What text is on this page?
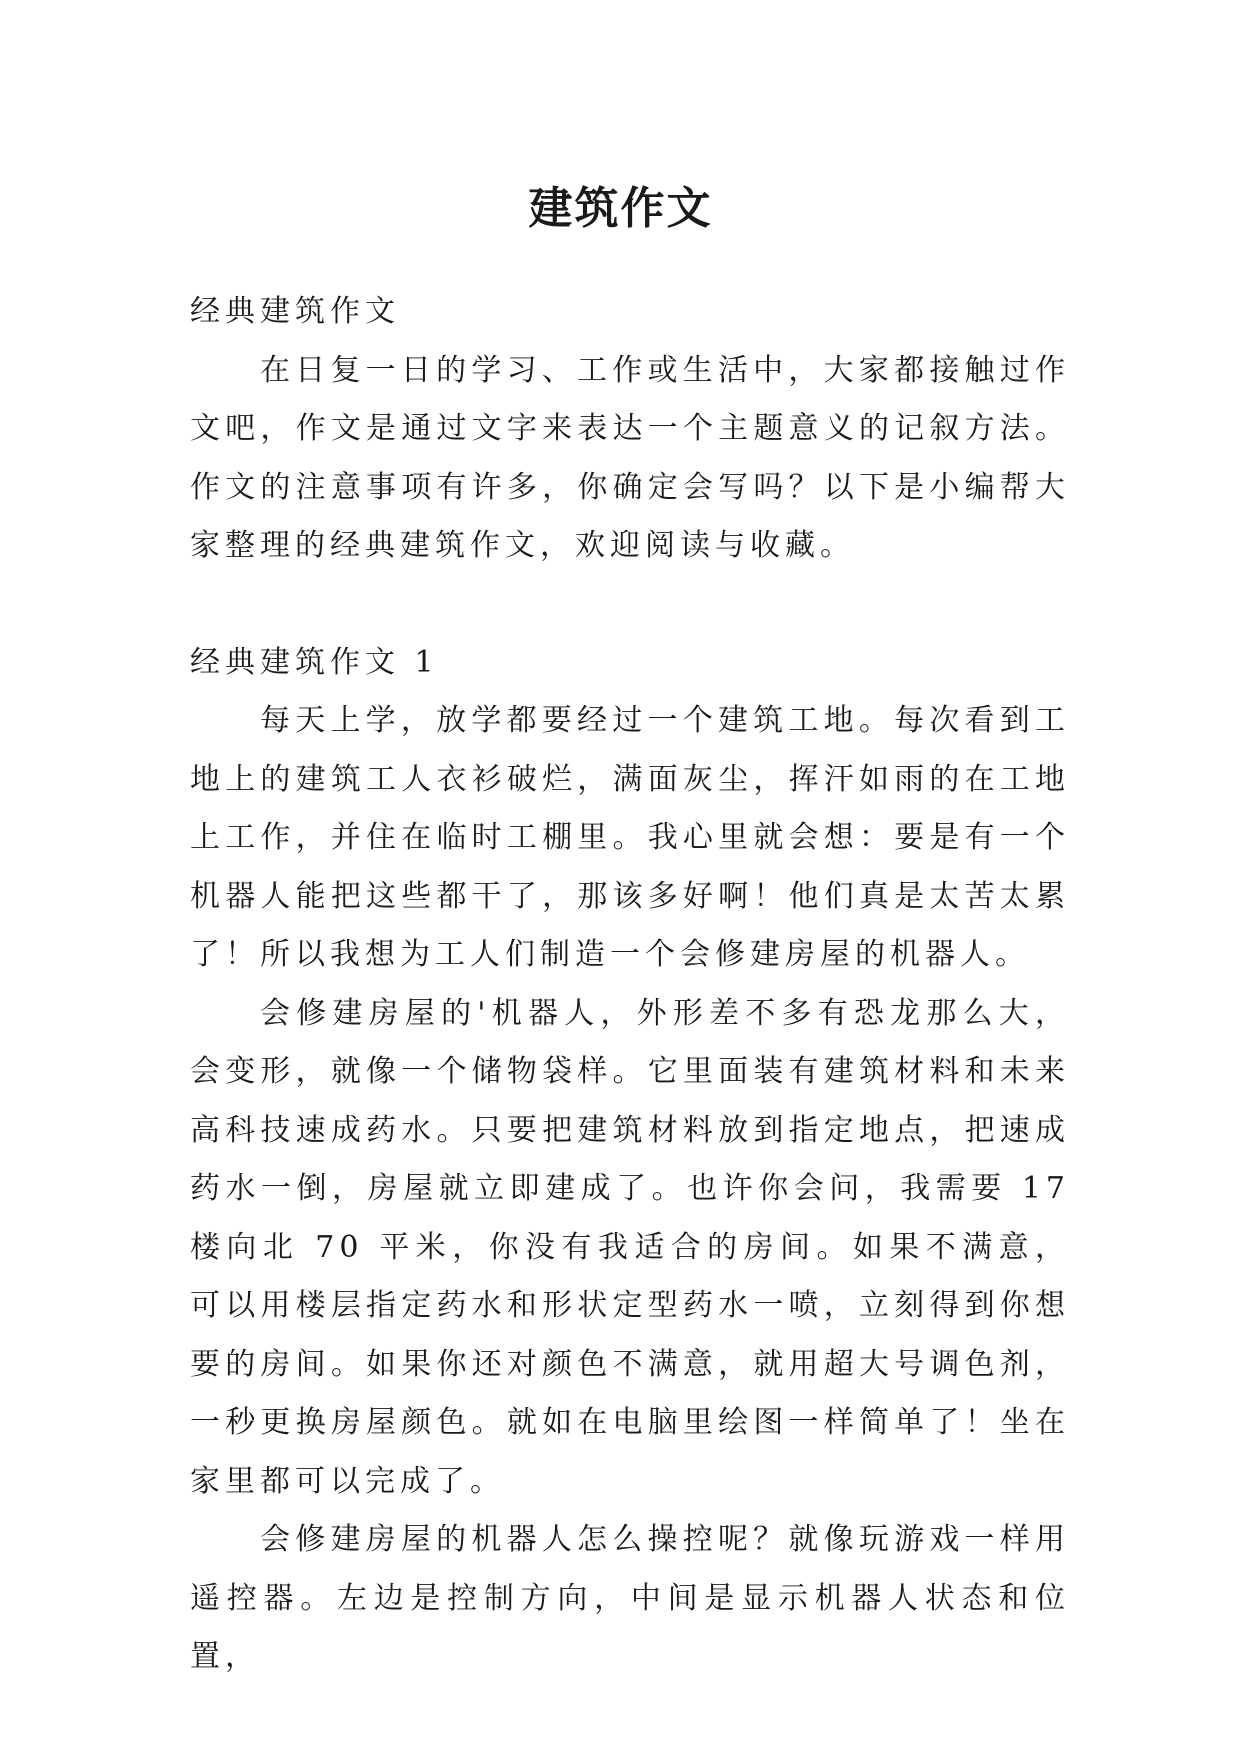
建筑作文

经典建筑作文

在日复一日的学习、工作或生活中，大家都接触过作文吧，作文是通过文字来表达一个主题意义的记叙方法。作文的注意事项有许多，你确定会写吗？以下是小编帮大家整理的经典建筑作文，欢迎阅读与收藏。

经典建筑作文 1

每天上学，放学都要经过一个建筑工地。每次看到工地上的建筑工人衣衫破烂，满面灰尘，挥汗如雨的在工地上工作，并住在临时工棚里。我心里就会想：要是有一个机器人能把这些都干了，那该多好啊！他们真是太苦太累了！所以我想为工人们制造一个会修建房屋的机器人。

会修建房屋的'机器人，外形差不多有恐龙那么大，会变形，就像一个储物袋样。它里面装有建筑材料和未来高科技速成药水。只要把建筑材料放到指定地点，把速成药水一倒，房屋就立即建成了。也许你会问，我需要 17 楼向北 70 平米，你没有我适合的房间。如果不满意，可以用楼层指定药水和形状定型药水一喷，立刻得到你想要的房间。如果你还对颜色不满意，就用超大号调色剂，一秒更换房屋颜色。就如在电脑里绘图一样简单了！坐在家里都可以完成了。

会修建房屋的机器人怎么操控呢？就像玩游戏一样用遥控器。左边是控制方向，中间是显示机器人状态和位置，
